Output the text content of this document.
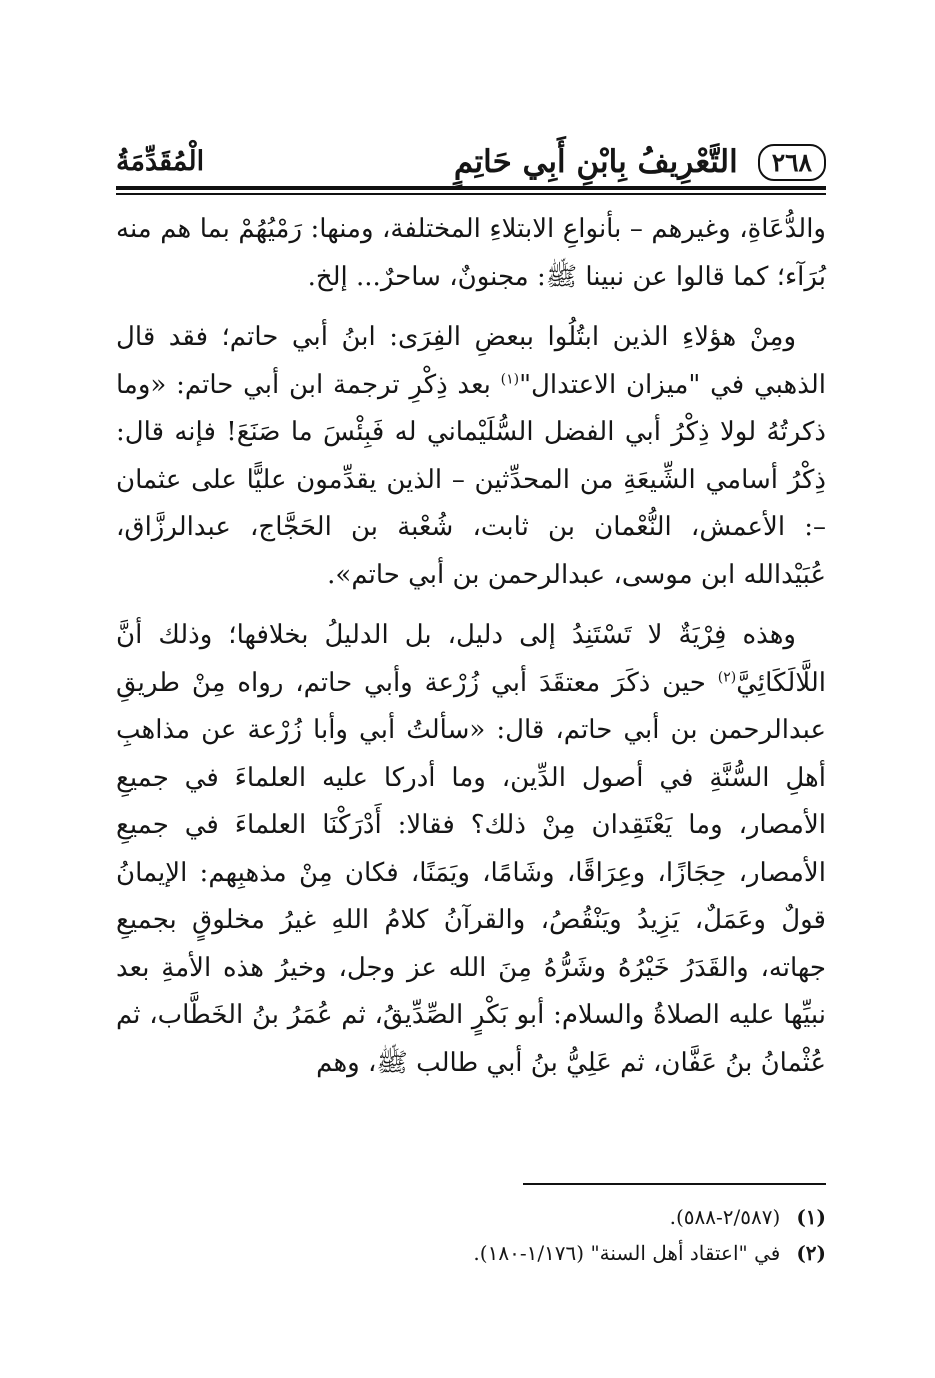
٢٦٨
التَّعْرِيفُ بِابْنِ أَبِي حَاتِمٍ
الْمُقَدِّمَةُ

والدُّعَاةِ، وغيرهم – بأنواعِ الابتلاءِ المختلفة، ومنها: رَمْيُهُمْ بما هم منه بُرَآء؛ كما قالوا عن نبينا ﷺ: مجنونٌ، ساحرٌ... إلخ.

ومِنْ هؤلاءِ الذين ابتُلُوا ببعضِ الفِرَى: ابنُ أبي حاتم؛ فقد قال الذهبي في "ميزان الاعتدال"$^{(١)}$ بعد ذِكْرِ ترجمة ابن أبي حاتم: «وما ذكرتُهُ لولا ذِكْرُ أبي الفضل السُّلَيْماني له فَبِئْسَ ما صَنَعَ! فإنه قال: ذِكْرُ أسامي الشِّيعَةِ من المحدِّثين – الذين يقدِّمون عليًّا على عثمان –: الأعمش، النُّعْمان بن ثابت، شُعْبة بن الحَجَّاج، عبدالرزَّاق، عُبَيْدالله ابن موسى، عبدالرحمن بن أبي حاتم».

وهذه فِرْيَةٌ لا تَسْتَنِدُ إلى دليل، بل الدليلُ بخلافها؛ وذلك أنَّ اللَّالَكَائِيَّ$^{(٢)}$ حين ذكَرَ معتقَدَ أبي زُرْعة وأبي حاتم، رواه مِنْ طريقِ عبدالرحمن بن أبي حاتم، قال: «سألتُ أبي وأبا زُرْعة عن مذاهبِ أهلِ السُّنَّةِ في أصول الدِّين، وما أدركا عليه العلماءَ في جميعِ الأمصار، وما يَعْتَقِدان مِنْ ذلك؟ فقالا: أَدْرَكْنَا العلماءَ في جميعِ الأمصار، حِجَازًا، وعِرَاقًا، وشَامًا، ويَمَنًا، فكان مِنْ مذهبِهم: الإيمانُ قولٌ وعَمَلٌ، يَزِيدُ ويَنْقُصُ، والقرآنُ كلامُ اللهِ غيرُ مخلوقٍ بجميعِ جهاته، والقَدَرُ خَيْرُهُ وشَرُّهُ مِنَ الله عز وجل، وخيرُ هذه الأمةِ بعد نبيِّها عليه الصلاةُ والسلام: أبو بَكْرٍ الصِّدِّيقُ، ثم عُمَرُ بنُ الخَطَّاب، ثم عُثْمانُ بنُ عَفَّان، ثم عَلِيُّ بنُ أبي طالب ﷺ، وهم

(١)
(٢/٥٨٧-٥٨٨).
(٢)
في "اعتقاد أهل السنة" (١/١٧٦-١٨٠).
